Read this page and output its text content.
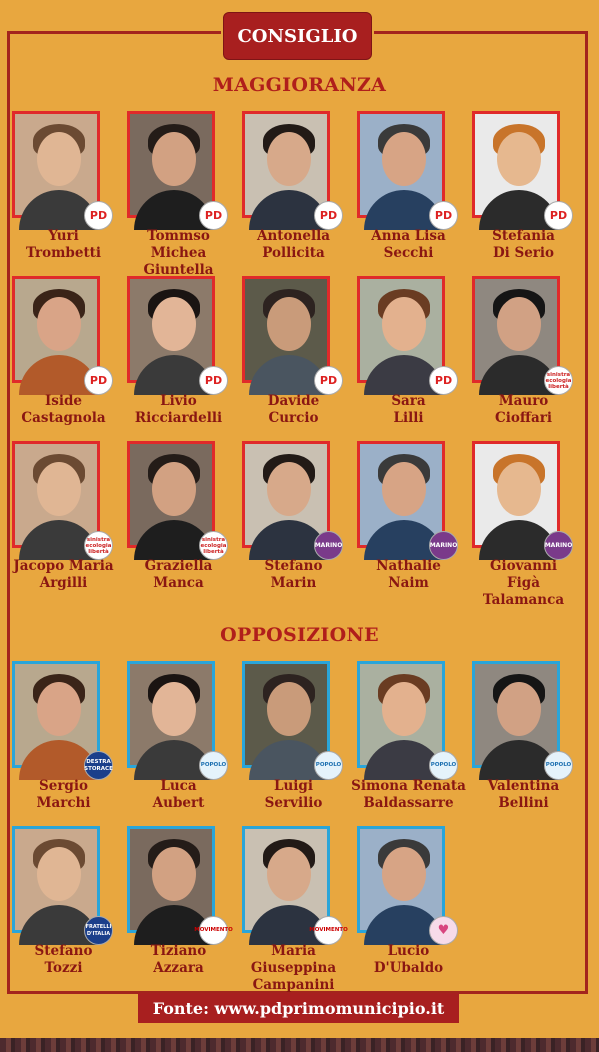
CONSIGLIO
MAGGIORANZA
PD
Yuri
Trombetti
PD
Tommso
Michea Giuntella
PD
Antonella
Pollicita
PD
Anna Lisa
Secchi
PD
Stefania
Di Serio
PD
Iside
Castagnola
PD
Livio
Ricciardelli
PD
Davide
Curcio
PD
Sara
Lilli
sinistra ecologia libertà
Mauro
Cioffari
sinistra ecologia libertà
Jacopo Maria
Argilli
sinistra ecologia libertà
Graziella
Manca
MARINO
Stefano
Marin
MARINO
Nathalie
Naim
MARINO
Giovanni
Figà Talamanca
OPPOSIZIONE
DESTRA STORACE
Sergio
Marchi
POPOLO
Luca
Aubert
POPOLO
Luigi
Servilio
POPOLO
Simona Renata
Baldassarre
POPOLO
Valentina
Bellini
FRATELLI D'ITALIA
Stefano
Tozzi
MOVIMENTO
Tiziano
Azzara
MOVIMENTO
Maria Giuseppina
Campanini
♥
Lucio
D'Ubaldo
Fonte: www.pdprimomunicipio.it
